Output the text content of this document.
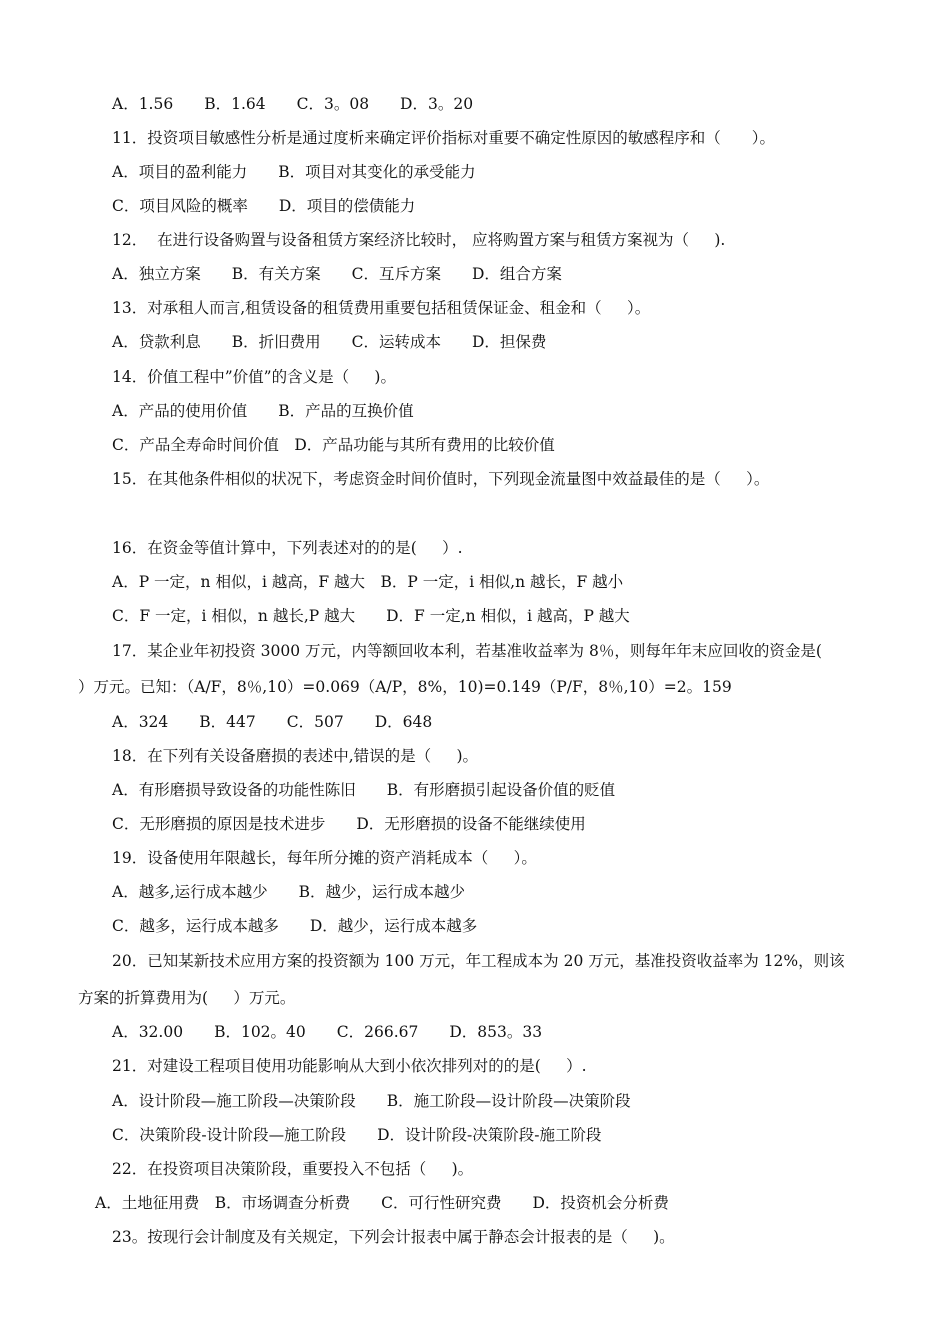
A．1.56　　B．1.64　　C．3。08　　D．3。20
11．投资项目敏感性分析是通过度析来确定评价指标对重要不确定性原因的敏感程序和（　　）。
A．项目的盈利能力　　B．项目对其变化的承受能力
C．项目风险的概率　　D．项目的偿债能力
12．  在进行设备购置与设备租赁方案经济比较时， 应将购置方案与租赁方案视为（　  ).
A．独立方案　　B．有关方案　　C．互斥方案　　D．组合方案
13．对承租人而言,租赁设备的租赁费用重要包括租赁保证金、租金和（　  ）。
A．贷款利息　　B．折旧费用　　C．运转成本　　D．担保费
14．价值工程中”价值”的含义是（　  )。
A．产品的使用价值　　B．产品的互换价值
C．产品全寿命时间价值　D．产品功能与其所有费用的比较价值
15．在其他条件相似的状况下，考虑资金时间价值时，下列现金流量图中效益最佳的是（　  ）。
16．在资金等值计算中，下列表述对的的是(　  ）.
A．P 一定，n 相似，i 越高，F 越大　B．P 一定，i 相似,n 越长，F 越小
C．F 一定，i 相似，n 越长,P 越大　　D．F 一定,n 相似，i 越高，P 越大
17．某企业年初投资 3000 万元，内等额回收本利，若基准收益率为 8％，则每年年末应回收的资金是(
）万元。已知：（A/F，8％,10）=0.069（A/P，8%，10)=0.149（P/F，8％,10）=2。159
A．324　　B．447　　C．507　　D．648
18．在下列有关设备磨损的表述中,错误的是（　  )。
A．有形磨损导致设备的功能性陈旧　　B．有形磨损引起设备价值的贬值
C．无形磨损的原因是技术进步　　D．无形磨损的设备不能继续使用
19．设备使用年限越长，每年所分摊的资产消耗成本（　  ）。
A．越多,运行成本越少　　B．越少，运行成本越少
C．越多，运行成本越多　　D．越少，运行成本越多
20．已知某新技术应用方案的投资额为 100 万元，年工程成本为 20 万元，基准投资收益率为 12%，则该
方案的折算费用为(　  ）万元。
A．32.00　　B．102。40　　C．266.67　　D．853。33
21．对建设工程项目使用功能影响从大到小依次排列对的的是(　  ）.
A．设计阶段—施工阶段—决策阶段　　B．施工阶段—设计阶段—决策阶段
C．决策阶段-设计阶段—施工阶段　　D．设计阶段-决策阶段-施工阶段
22．在投资项目决策阶段，重要投入不包括（　  )。
A．土地征用费　B．市场调查分析费　　C．可行性研究费　　D．投资机会分析费
23。按现行会计制度及有关规定，下列会计报表中属于静态会计报表的是（　  )。
